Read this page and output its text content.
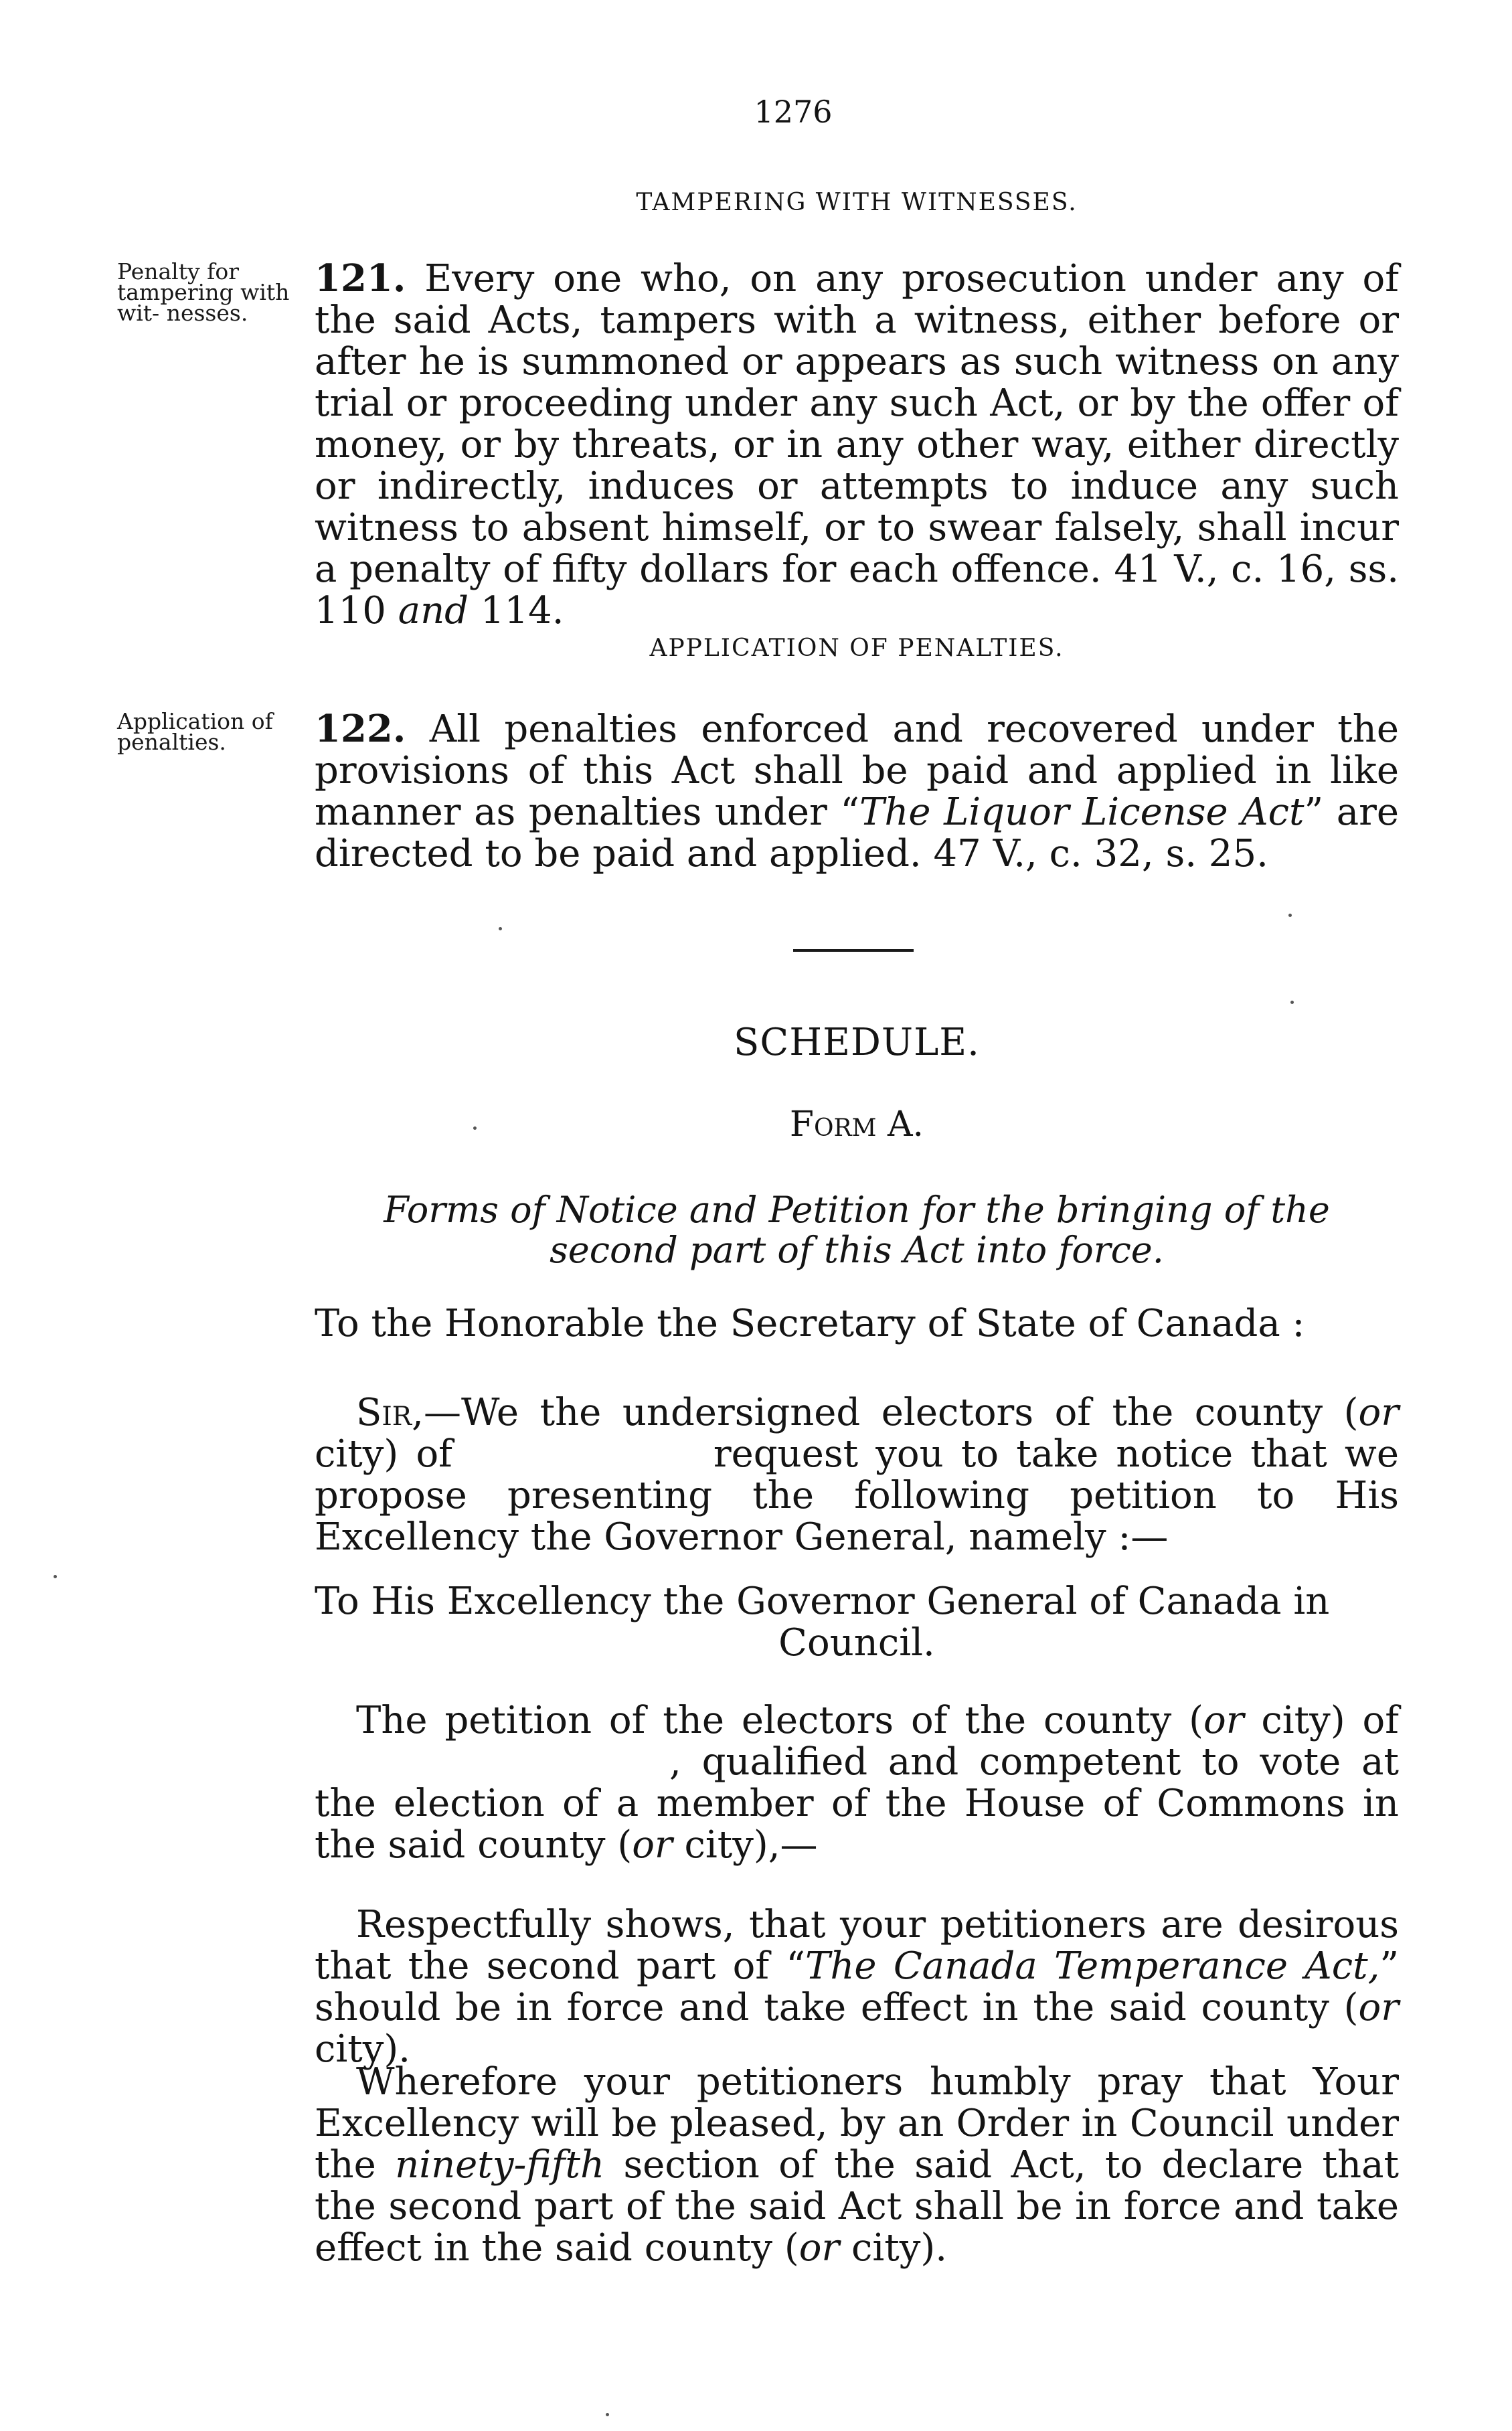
1276
TAMPERING WITH WITNESSES.
Penalty for tampering with wit- nesses.
121. Every one who, on any prosecution under any of the said Acts, tampers with a witness, either before or after he is summoned or appears as such witness on any trial or proceeding under any such Act, or by the offer of money, or by threats, or in any other way, either directly or indirectly, induces or attempts to induce any such witness to absent himself, or to swear falsely, shall incur a penalty of fifty dollars for each offence. 41 V., c. 16, ss. 110 and 114.
APPLICATION OF PENALTIES.
Application of penalties.	122. All penalties enforced and recovered under the provisions of this Act shall be paid and applied in like manner as penalties under “The Liquor License Act” are directed to be paid and applied. 47 V., c. 32, s. 25.
SCHEDULE.
Form A.
Forms of Notice and Petition for the bringing of the second part of this Act into force.
To the Honorable the Secretary of State of Canada :
Sir,—We the undersigned electors of the county (or city) of	request you to take notice that we propose presenting the following petition to His Excellency the Governor General, namely :—
To His Excellency the Governor General of Canada in
Council.
The petition of the electors of the county (or city) of, qualified and competent to vote at the election of a member of the House of Commons in the said county (or city),—
Respectfully shows, that your petitioners are desirous that the second part of “The Canada Temperance Act,” should be in force and take effect in the said county (or city).
Wherefore your petitioners humbly pray that Your Excellency will be pleased, by an Order in Council under the ninety-fifth section of the said Act, to declare that the second part of the said Act shall be in force and take effect in the said county (or city).
